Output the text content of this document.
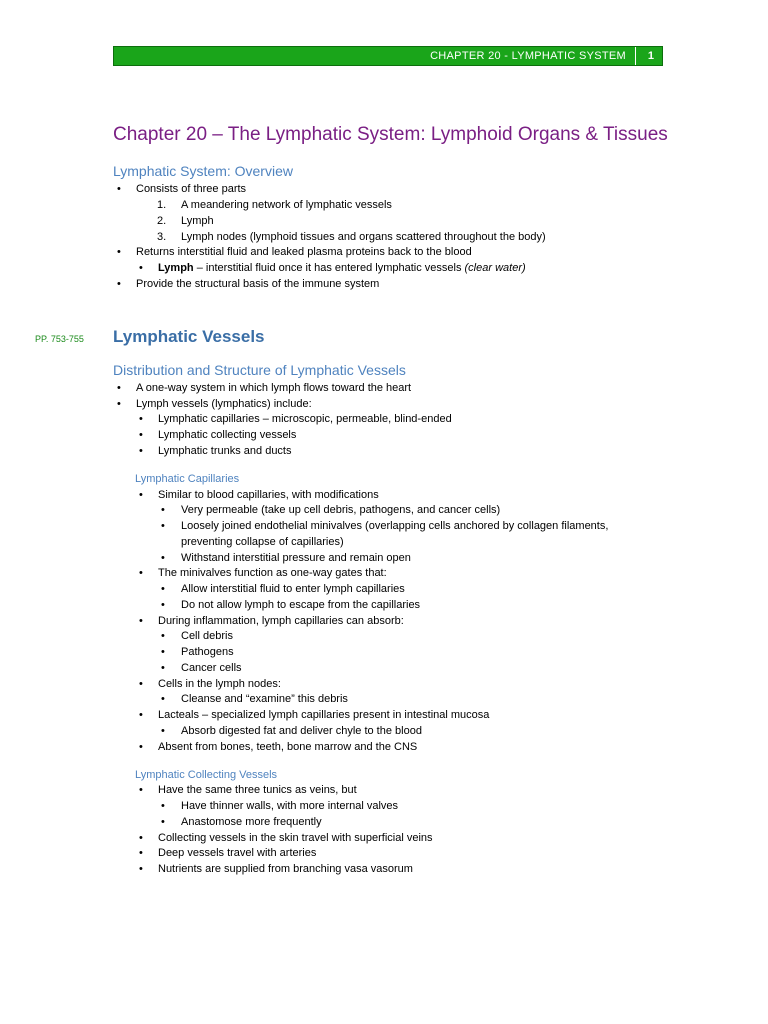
CHAPTER 20 - LYMPHATIC SYSTEM 1
Chapter 20 – The Lymphatic System: Lymphoid Organs & Tissues
Lymphatic System: Overview
• Consists of three parts
1. A meandering network of lymphatic vessels
2. Lymph
3. Lymph nodes (lymphoid tissues and organs scattered throughout the body)
• Returns interstitial fluid and leaked plasma proteins back to the blood
• Lymph – interstitial fluid once it has entered lymphatic vessels (clear water)
• Provide the structural basis of the immune system
PP. 753-755 Lymphatic Vessels
Distribution and Structure of Lymphatic Vessels
• A one-way system in which lymph flows toward the heart
• Lymph vessels (lymphatics) include:
• Lymphatic capillaries – microscopic, permeable, blind-ended
• Lymphatic collecting vessels
• Lymphatic trunks and ducts
Lymphatic Capillaries
• Similar to blood capillaries, with modifications
• Very permeable (take up cell debris, pathogens, and cancer cells)
• Loosely joined endothelial minivalves (overlapping cells anchored by collagen filaments,
preventing collapse of capillaries)
• Withstand interstitial pressure and remain open
• The minivalves function as one-way gates that:
• Allow interstitial fluid to enter lymph capillaries
• Do not allow lymph to escape from the capillaries
• During inflammation, lymph capillaries can absorb:
• Cell debris
• Pathogens
• Cancer cells
• Cells in the lymph nodes:
• Cleanse and “examine” this debris
• Lacteals – specialized lymph capillaries present in intestinal mucosa
• Absorb digested fat and deliver chyle to the blood
• Absent from bones, teeth, bone marrow and the CNS
Lymphatic Collecting Vessels
• Have the same three tunics as veins, but
• Have thinner walls, with more internal valves
• Anastomose more frequently
• Collecting vessels in the skin travel with superficial veins
• Deep vessels travel with arteries
• Nutrients are supplied from branching vasa vasorum
